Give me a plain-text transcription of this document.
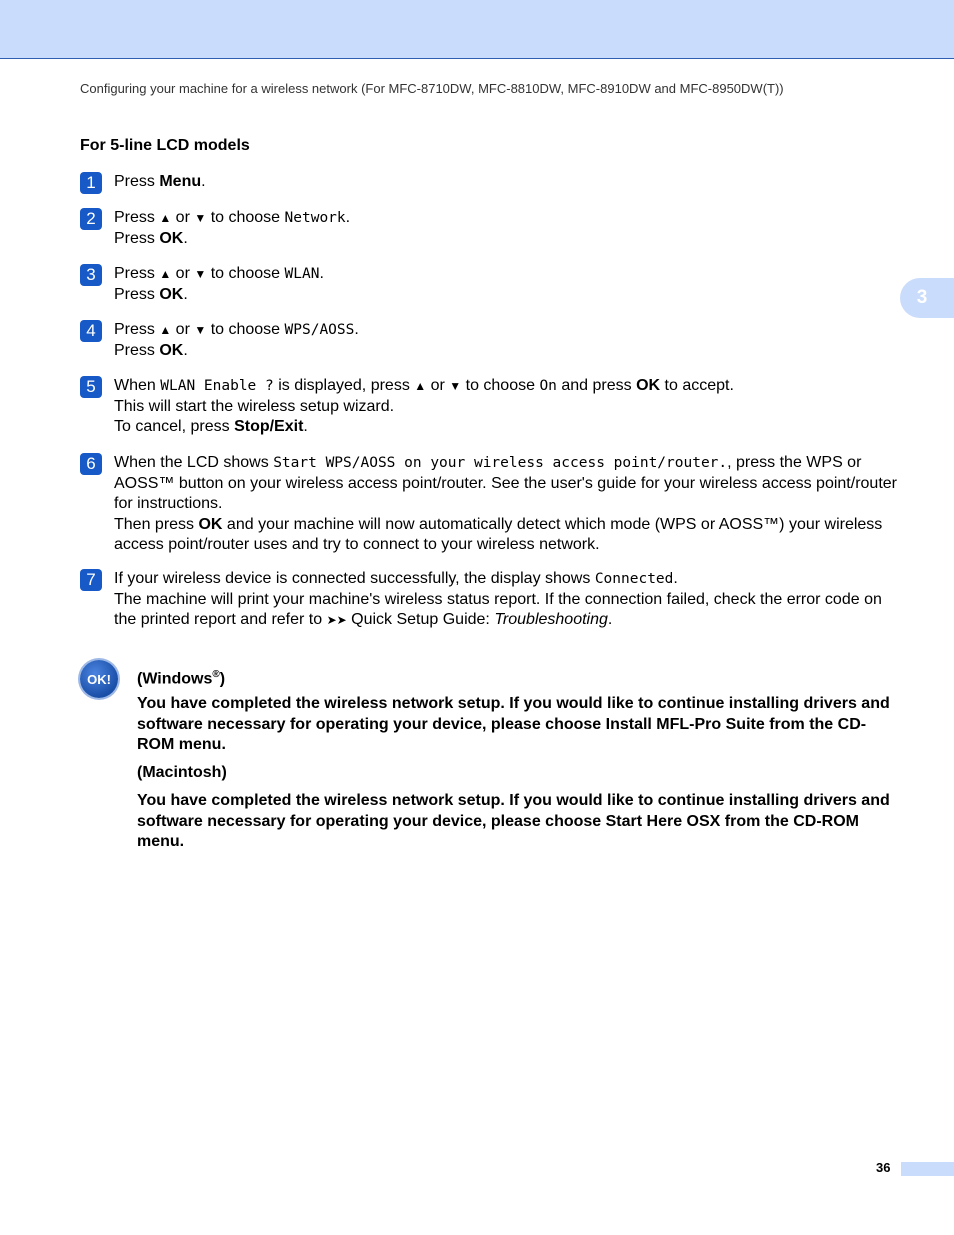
Configuring your machine for a wireless network (For MFC-8710DW, MFC-8810DW, MFC-8910DW and MFC-8950DW(T))
3
For 5-line LCD models
1	Press Menu.
2	Press ▲ or ▼ to choose Network.
Press OK.
3	Press ▲ or ▼ to choose WLAN.
Press OK.
4	Press ▲ or ▼ to choose WPS/AOSS.
Press OK.
5	When WLAN Enable ? is displayed, press ▲ or ▼ to choose On and press OK to accept.
This will start the wireless setup wizard.
To cancel, press Stop/Exit.
6	When the LCD shows Start WPS/AOSS on your wireless access point/router., press the WPS or AOSS™ button on your wireless access point/router. See the user's guide for your wireless access point/router for instructions.
Then press OK and your machine will now automatically detect which mode (WPS or AOSS™) your wireless access point/router uses and try to connect to your wireless network.
7	If your wireless device is connected successfully, the display shows Connected.
The machine will print your machine's wireless status report. If the connection failed, check the error code on the printed report and refer to ➤➤ Quick Setup Guide: Troubleshooting.
OK! (Windows®)
You have completed the wireless network setup. If you would like to continue installing drivers and software necessary for operating your device, please choose Install MFL-Pro Suite from the CD-ROM menu.
(Macintosh)
You have completed the wireless network setup. If you would like to continue installing drivers and software necessary for operating your device, please choose Start Here OSX from the CD-ROM menu.
36
